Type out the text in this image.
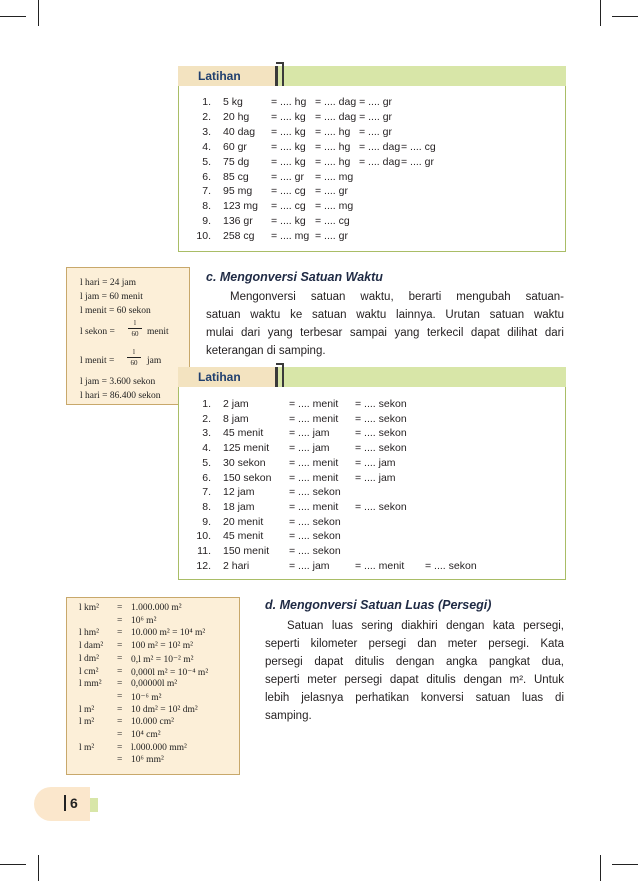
Latihan
1. 5 kg	= .... hg = .... dag = .... gr
2. 20 hg = .... kg = .... dag = .... gr
3. 40 dag = .... kg = .... hg = .... gr
4. 60 gr = .... kg = .... hg = .... dag = .... cg
5. 75 dg = .... kg = .... hg = .... dag = .... gr
6. 85 cg = .... gr = .... mg
7. 95 mg = .... cg = .... gr
8. 123 mg = .... cg = .... mg
9. 136 gr = .... kg = .... cg
10. 258 cg = .... mg = .... gr
l hari = 24 jam
l jam = 60 menit
l menit = 60 sekon
l sekon =
l
60 menit
l menit =
l
60	jam
l jam = 3.600 sekon
l hari = 86.400 sekon
c. Mengonversi Satuan Waktu
Mengonversi satuan waktu, berarti mengubah satuan-
satuan waktu ke satuan waktu lainnya. Urutan satuan waktu
mulai dari yang terbesar sampai yang terkecil dapat dilihat dari
keterangan di samping.
Latihan
1. 2 jam	= .... menit = .... sekon
2. 8 jam	= .... menit = .... sekon
3. 45 menit = .... jam = .... sekon
4. 125 menit = .... jam = .... sekon
5. 30 sekon = .... menit = .... jam
6. 150 sekon = .... menit = .... jam
7. 12 jam	= .... sekon
8. 18 jam	= .... menit = .... sekon
9. 20 menit = .... sekon
10. 45 menit = .... sekon
11. 150 menit = .... sekon
12. 2 hari	= .... jam = .... menit = .... sekon
l km² = 1.000.000 m²
= 10⁶ m²
l hm² = 10.000 m² = 10⁴ m²
l dam² = 100 m² = 10² m²
l dm² = 0,l m² = 10⁻² m²
l cm² = 0,000l m² = 10⁻⁴ m²
l mm² = 0,00000l m²
= 10⁻⁶ m²
l m² = 10 dm² = 10² dm²
l m² = 10.000 cm²
= 10⁴ cm²
l m² = l.000.000 mm²
= 10⁶ mm²
d. Mengonversi Satuan Luas (Persegi)
Satuan luas sering diakhiri dengan kata persegi,
seperti kilometer persegi dan meter persegi. Kata
persegi dapat ditulis dengan angka pangkat dua,
seperti meter persegi dapat ditulis dengan m². Untuk
lebih jelasnya perhatikan konversi satuan luas di
samping.
6
